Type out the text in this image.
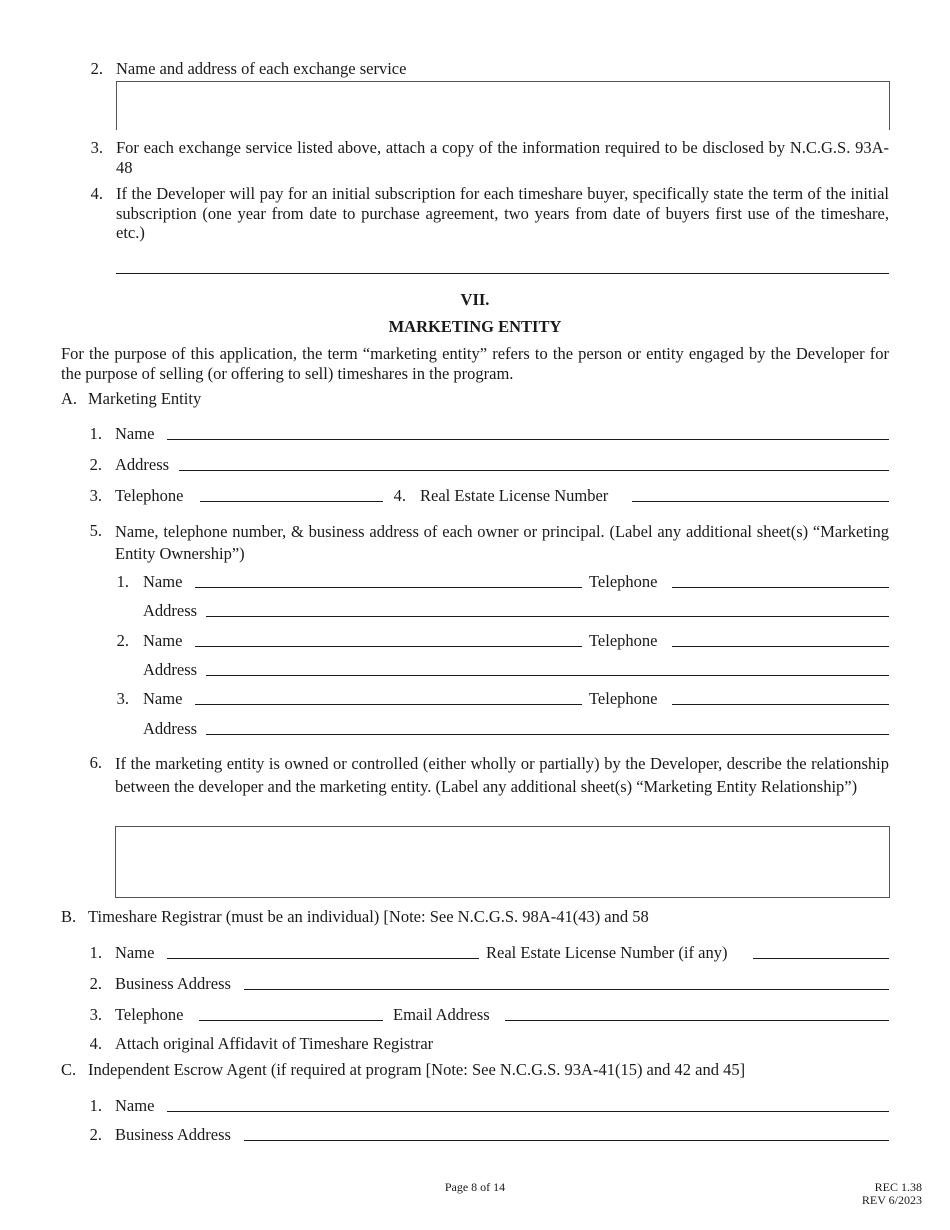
2. Name and address of each exchange service
3. For each exchange service listed above, attach a copy of the information required to be disclosed by N.C.G.S. 93A-48
4. If the Developer will pay for an initial subscription for each timeshare buyer, specifically state the term of the initial subscription (one year from date to purchase agreement, two years from date of buyers first use of the timeshare, etc.)
VII.
MARKETING ENTITY
For the purpose of this application, the term “marketing entity” refers to the person or entity engaged by the Developer for the purpose of selling (or offering to sell) timeshares in the program.
A. Marketing Entity
1. Name
2. Address
3. Telephone	4. Real Estate License Number
5. Name, telephone number, & business address of each owner or principal. (Label any additional sheet(s) “Marketing Entity Ownership”)
1. Name	Telephone
Address
2. Name	Telephone
Address
3. Name	Telephone
Address
6. If the marketing entity is owned or controlled (either wholly or partially) by the Developer, describe the relationship between the developer and the marketing entity. (Label any additional sheet(s) “Marketing Entity Relationship”)
B. Timeshare Registrar (must be an individual) [Note: See N.C.G.S. 98A-41(43) and 58
1. Name	Real Estate License Number (if any)
2. Business Address
3. Telephone	Email Address
4. Attach original Affidavit of Timeshare Registrar
C. Independent Escrow Agent (if required at program [Note: See N.C.G.S. 93A-41(15) and 42 and 45]
1. Name
2. Business Address
Page 8 of 14	REC 1.38
REV 6/2023
